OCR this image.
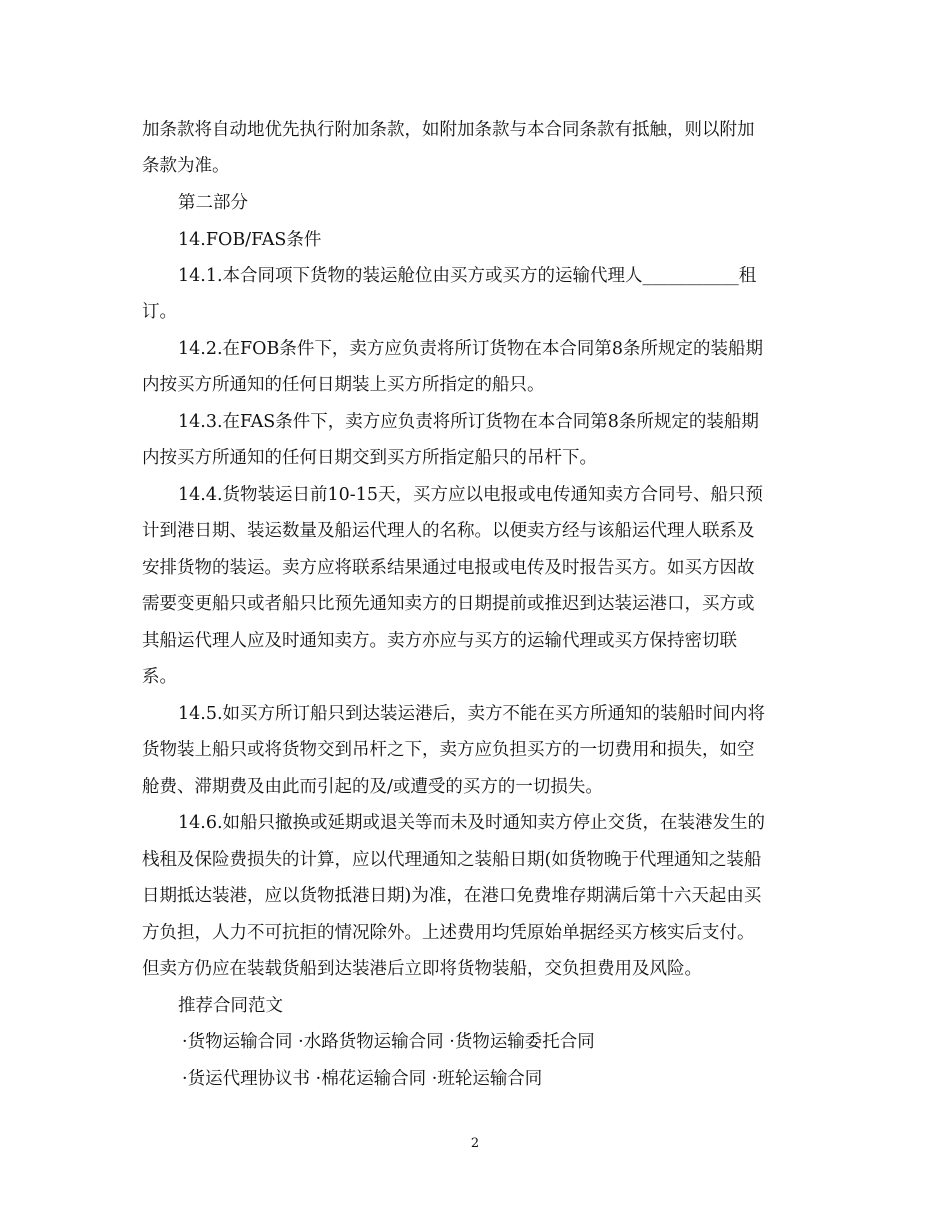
加条款将自动地优先执行附加条款，如附加条款与本合同条款有抵触，则以附加
条款为准。
第二部分
14.FOB/FAS条件
14.1.本合同项下货物的装运舱位由买方或买方的运输代理人___________租
订。
14.2.在FOB条件下，卖方应负责将所订货物在本合同第8条所规定的装船期
内按买方所通知的任何日期装上买方所指定的船只。
14.3.在FAS条件下，卖方应负责将所订货物在本合同第8条所规定的装船期
内按买方所通知的任何日期交到买方所指定船只的吊杆下。
14.4.货物装运日前10-15天，买方应以电报或电传通知卖方合同号、船只预
计到港日期、装运数量及船运代理人的名称。以便卖方经与该船运代理人联系及
安排货物的装运。卖方应将联系结果通过电报或电传及时报告买方。如买方因故
需要变更船只或者船只比预先通知卖方的日期提前或推迟到达装运港口，买方或
其船运代理人应及时通知卖方。卖方亦应与买方的运输代理或买方保持密切联
系。
14.5.如买方所订船只到达装运港后，卖方不能在买方所通知的装船时间内将
货物装上船只或将货物交到吊杆之下，卖方应负担买方的一切费用和损失，如空
舱费、滞期费及由此而引起的及/或遭受的买方的一切损失。
14.6.如船只撤换或延期或退关等而未及时通知卖方停止交货，在装港发生的
栈租及保险费损失的计算，应以代理通知之装船日期(如货物晚于代理通知之装船
日期抵达装港，应以货物抵港日期)为准，在港口免费堆存期满后第十六天起由买
方负担，人力不可抗拒的情况除外。上述费用均凭原始单据经买方核实后支付。
但卖方仍应在装载货船到达装港后立即将货物装船，交负担费用及风险。
推荐合同范文
·货物运输合同 ·水路货物运输合同 ·货物运输委托合同
·货运代理协议书 ·棉花运输合同 ·班轮运输合同
2
